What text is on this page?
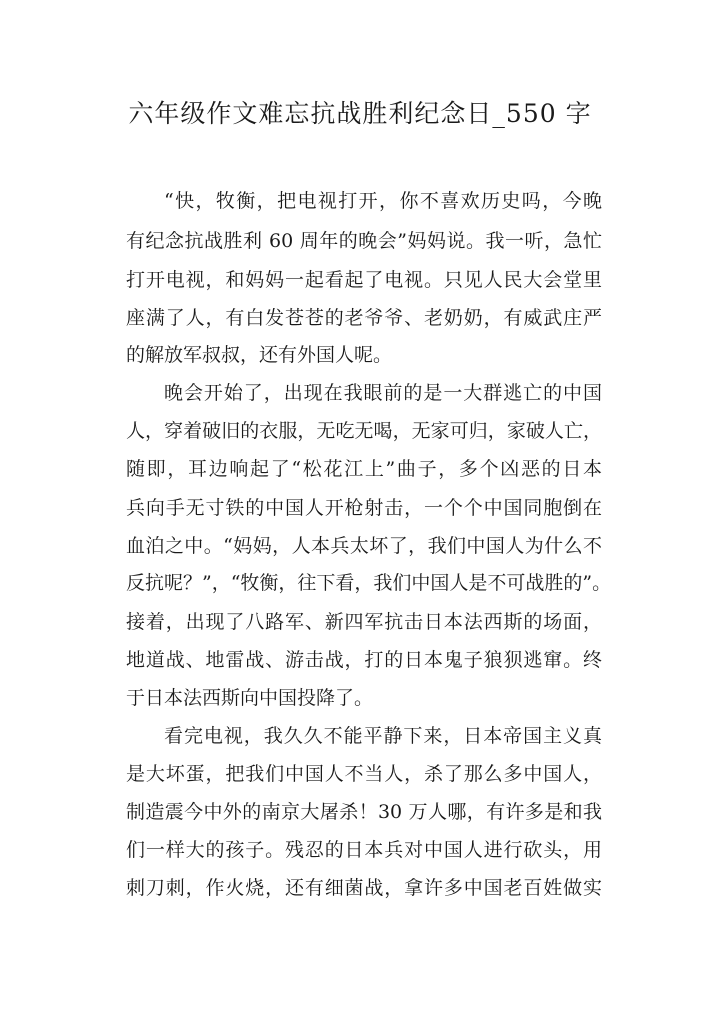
六年级作文难忘抗战胜利纪念日_550 字
“快，牧衡，把电视打开，你不喜欢历史吗，今晚
有纪念抗战胜利 60 周年的晚会”妈妈说。我一听，急忙
打开电视，和妈妈一起看起了电视。只见人民大会堂里
座满了人，有白发苍苍的老爷爷、老奶奶，有威武庄严
的解放军叔叔，还有外国人呢。
晚会开始了，出现在我眼前的是一大群逃亡的中国
人，穿着破旧的衣服，无吃无喝，无家可归，家破人亡，
随即，耳边响起了“松花江上”曲子，多个凶恶的日本
兵向手无寸铁的中国人开枪射击，一个个中国同胞倒在
血泊之中。“妈妈，人本兵太坏了，我们中国人为什么不
反抗呢？”，“牧衡，往下看，我们中国人是不可战胜的”。
接着，出现了八路军、新四军抗击日本法西斯的场面，
地道战、地雷战、游击战，打的日本鬼子狼狈逃窜。终
于日本法西斯向中国投降了。
看完电视，我久久不能平静下来，日本帝国主义真
是大坏蛋，把我们中国人不当人，杀了那么多中国人，
制造震今中外的南京大屠杀！30 万人哪，有许多是和我
们一样大的孩子。残忍的日本兵对中国人进行砍头，用
刺刀刺，作火烧，还有细菌战，拿许多中国老百姓做实
